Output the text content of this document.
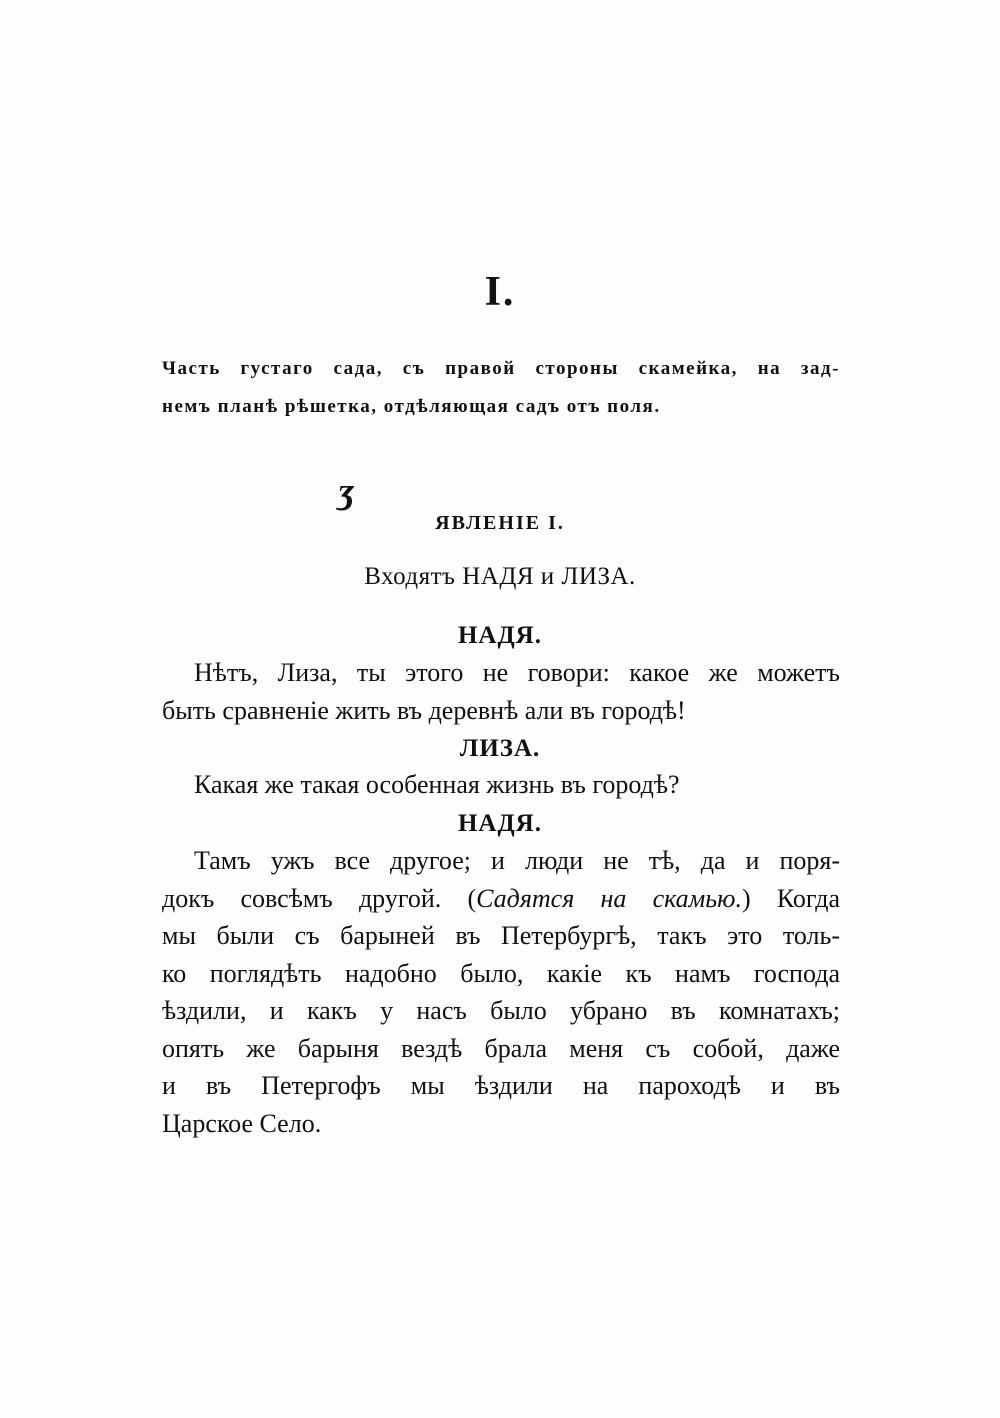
I.
Часть густаго сада, съ правой стороны скамейка, на зад-
немъ планѣ рѣшетка, отдѣляющая садъ отъ поля.
ʒ
ЯВЛЕНІЕ I.
Входятъ НАДЯ и ЛИЗА.
НАДЯ.
Нѣтъ, Лиза, ты этого не говори: какое же можетъ
быть сравненіе жить въ деревнѣ али въ городѣ!
ЛИЗА.
Какая же такая особенная жизнь въ городѣ?
НАДЯ.
Тамъ ужъ все другое; и люди не тѣ, да и поря-
докъ совсѣмъ другой. (Садятся на скамью.) Когда
мы были съ барыней въ Петербургѣ, такъ это толь-
ко поглядѣть надобно было, какіе къ намъ господа
ѣздили, и какъ у насъ было убрано въ комнатахъ;
опять же барыня вездѣ брала меня съ собой, даже
и въ Петергофъ мы ѣздили на пароходѣ и въ
Царское Село.
